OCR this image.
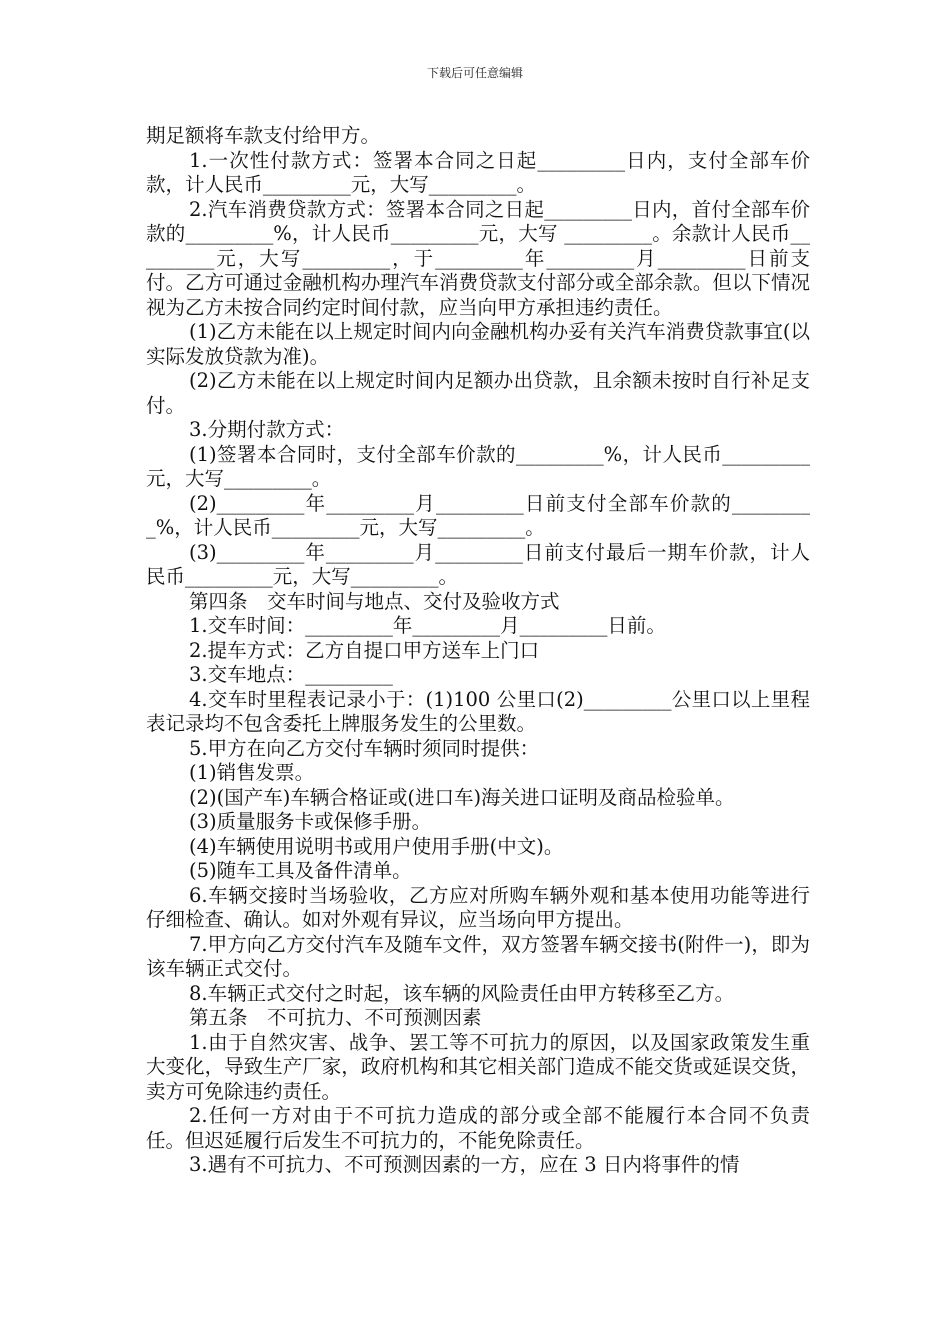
下载后可任意编辑

期足额将车款支付给甲方。

1.一次性付款方式：签署本合同之日起_________日内，支付全部车价款，计人民币_________元，大写_________。

2.汽车消费贷款方式：签署本合同之日起_________日内，首付全部车价款的_________%，计人民币_________元，大写 _________。余款计人民币_________元，大写_________，于_________年_________月_________日前支付。乙方可通过金融机构办理汽车消费贷款支付部分或全部余款。但以下情况视为乙方未按合同约定时间付款，应当向甲方承担违约责任。

(1)乙方未能在以上规定时间内向金融机构办妥有关汽车消费贷款事宜(以实际发放贷款为准)。

(2)乙方未能在以上规定时间内足额办出贷款，且余额未按时自行补足支付。

3.分期付款方式：

(1)签署本合同时，支付全部车价款的_________%，计人民币_________元，大写_________。

(2)_________年_________月_________日前支付全部车价款的_________%，计人民币_________元，大写_________。

(3)_________年_________月_________日前支付最后一期车价款，计人民币_________元，大写_________。

第四条　交车时间与地点、交付及验收方式

1.交车时间：_________年_________月_________日前。

2.提车方式：乙方自提口甲方送车上门口

3.交车地点：_________

4.交车时里程表记录小于：(1)100 公里口(2)_________公里口以上里程表记录均不包含委托上牌服务发生的公里数。

5.甲方在向乙方交付车辆时须同时提供：

(1)销售发票。

(2)(国产车)车辆合格证或(进口车)海关进口证明及商品检验单。

(3)质量服务卡或保修手册。

(4)车辆使用说明书或用户使用手册(中文)。

(5)随车工具及备件清单。

6.车辆交接时当场验收，乙方应对所购车辆外观和基本使用功能等进行仔细检查、确认。如对外观有异议，应当场向甲方提出。

7.甲方向乙方交付汽车及随车文件，双方签署车辆交接书(附件一)，即为该车辆正式交付。

8.车辆正式交付之时起，该车辆的风险责任由甲方转移至乙方。

第五条　不可抗力、不可预测因素

1.由于自然灾害、战争、罢工等不可抗力的原因，以及国家政策发生重大变化，导致生产厂家，政府机构和其它相关部门造成不能交货或延误交货，卖方可免除违约责任。

2.任何一方对由于不可抗力造成的部分或全部不能履行本合同不负责任。但迟延履行后发生不可抗力的，不能免除责任。

3.遇有不可抗力、不可预测因素的一方，应在 3 日内将事件的情
